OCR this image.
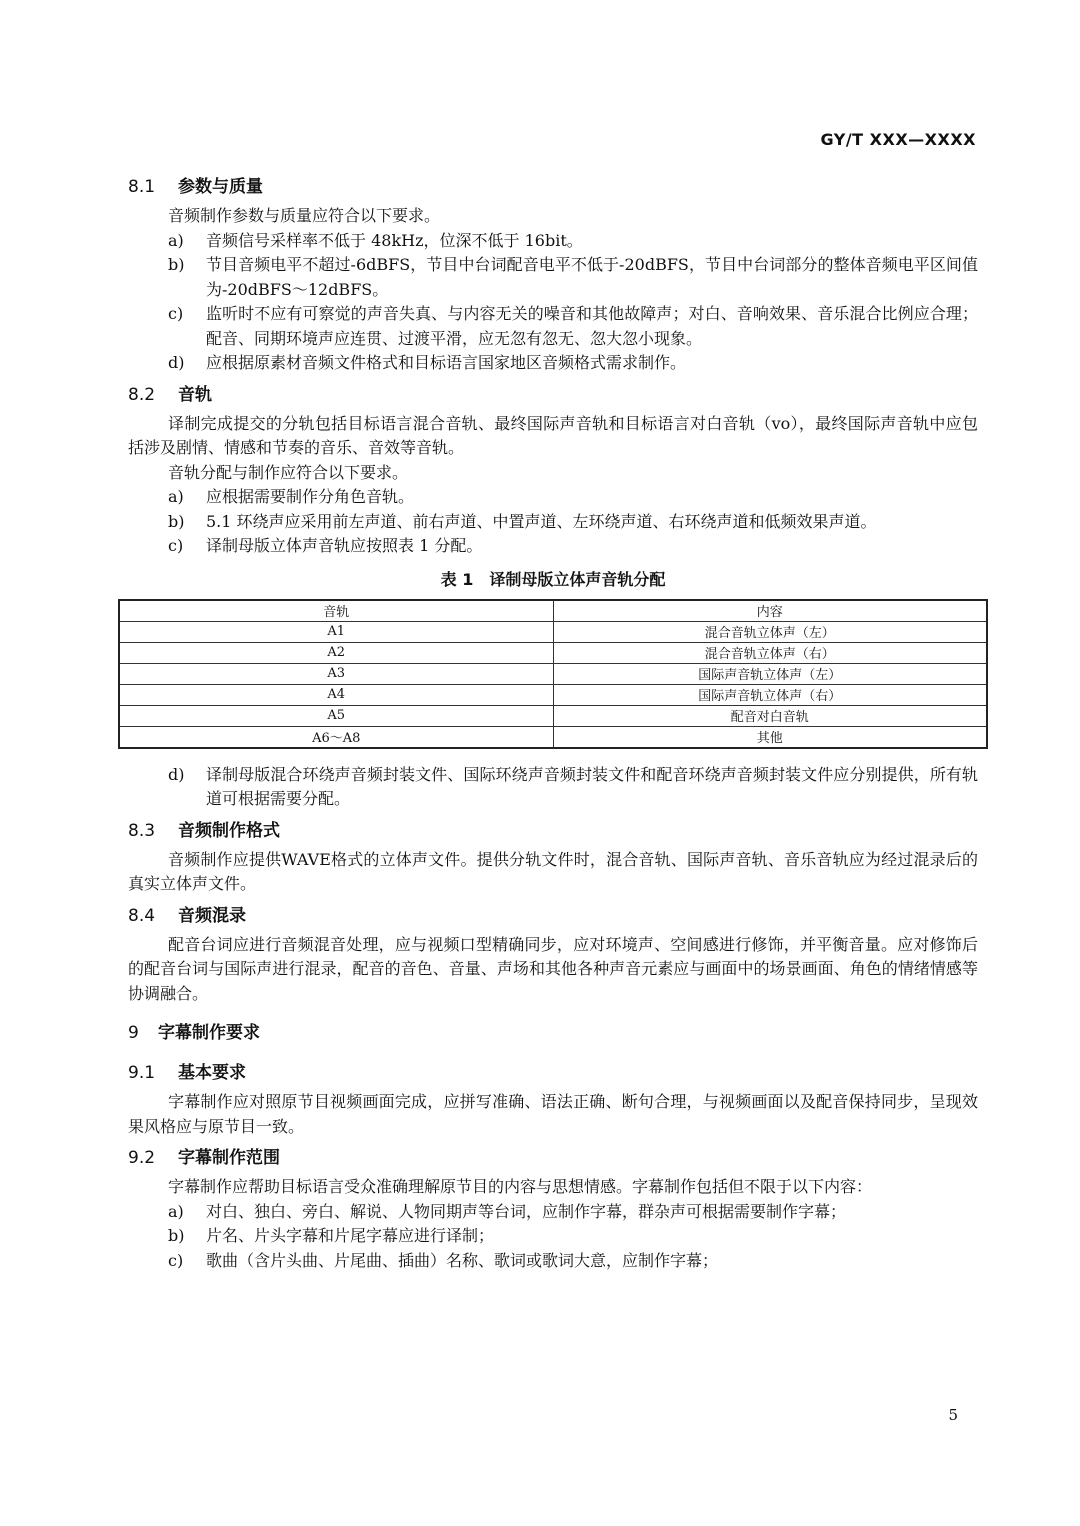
GY/T XXX—XXXX
8.1 参数与质量

音频制作参数与质量应符合以下要求。

a)	音频信号采样率不低于 48kHz，位深不低于 16bit。
b)	节目音频电平不超过-6dBFS，节目中台词配音电平不低于-20dBFS，节目中台词部分的整体音频电平区间值为-20dBFS～12dBFS。
c)	监听时不应有可察觉的声音失真、与内容无关的噪音和其他故障声；对白、音响效果、音乐混合比例应合理；配音、同期环境声应连贯、过渡平滑，应无忽有忽无、忽大忽小现象。
d)	应根据原素材音频文件格式和目标语言国家地区音频格式需求制作。
8.2 音轨

译制完成提交的分轨包括目标语言混合音轨、最终国际声音轨和目标语言对白音轨（vo），最终国际声音轨中应包括涉及剧情、情感和节奏的音乐、音效等音轨。

音轨分配与制作应符合以下要求。

a)	应根据需要制作分角色音轨。
b)	5.1 环绕声应采用前左声道、前右声道、中置声道、左环绕声道、右环绕声道和低频效果声道。
c)	译制母版立体声音轨应按照表 1 分配。
表 1　译制母版立体声音轨分配
音轨	内容
A1	混合音轨立体声（左）
A2	混合音轨立体声（右）
A3	国际声音轨立体声（左）
A4	国际声音轨立体声（右）
A5	配音对白音轨
A6～A8	其他
d)	译制母版混合环绕声音频封装文件、国际环绕声音频封装文件和配音环绕声音频封装文件应分别提供，所有轨道可根据需要分配。
8.3 音频制作格式

音频制作应提供WAVE格式的立体声文件。提供分轨文件时，混合音轨、国际声音轨、音乐音轨应为经过混录后的真实立体声文件。

8.4 音频混录

配音台词应进行音频混音处理，应与视频口型精确同步，应对环境声、空间感进行修饰，并平衡音量。应对修饰后的配音台词与国际声进行混录，配音的音色、音量、声场和其他各种声音元素应与画面中的场景画面、角色的情绪情感等协调融合。

9 字幕制作要求
9.1 基本要求

字幕制作应对照原节目视频画面完成，应拼写准确、语法正确、断句合理，与视频画面以及配音保持同步，呈现效果风格应与原节目一致。

9.2 字幕制作范围

字幕制作应帮助目标语言受众准确理解原节目的内容与思想情感。字幕制作包括但不限于以下内容：

a)	对白、独白、旁白、解说、人物同期声等台词，应制作字幕，群杂声可根据需要制作字幕；
b)	片名、片头字幕和片尾字幕应进行译制；
c)	歌曲（含片头曲、片尾曲、插曲）名称、歌词或歌词大意，应制作字幕；
5
